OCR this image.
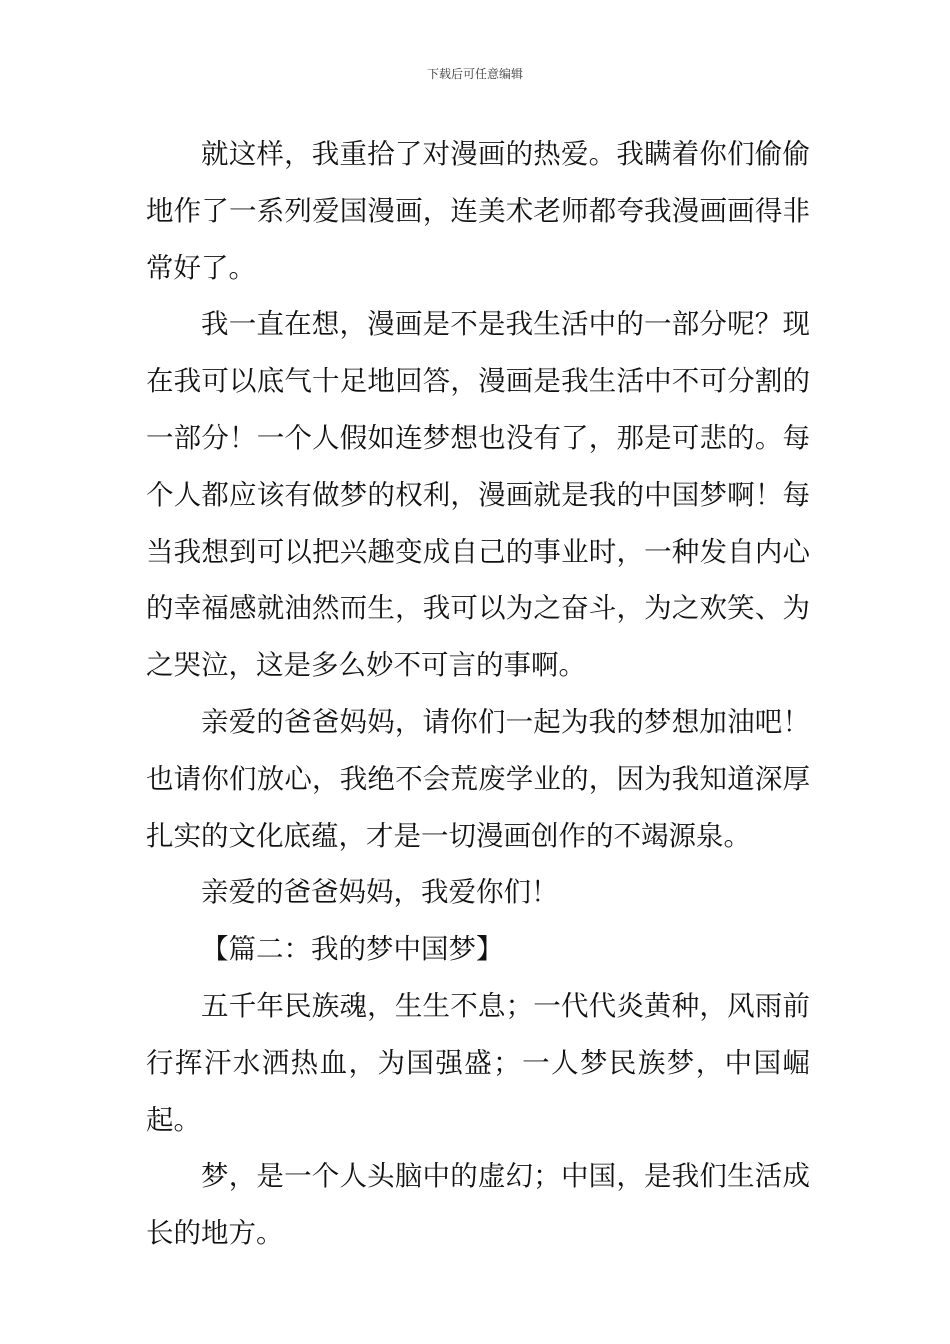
下载后可任意编辑

就这样，我重拾了对漫画的热爱。我瞒着你们偷偷地作了一系列爱国漫画，连美术老师都夸我漫画画得非常好了。

我一直在想，漫画是不是我生活中的一部分呢？现在我可以底气十足地回答，漫画是我生活中不可分割的一部分！一个人假如连梦想也没有了，那是可悲的。每个人都应该有做梦的权利，漫画就是我的中国梦啊！每当我想到可以把兴趣变成自己的事业时，一种发自内心的幸福感就油然而生，我可以为之奋斗，为之欢笑、为之哭泣，这是多么妙不可言的事啊。

亲爱的爸爸妈妈，请你们一起为我的梦想加油吧！也请你们放心，我绝不会荒废学业的，因为我知道深厚扎实的文化底蕴，才是一切漫画创作的不竭源泉。

亲爱的爸爸妈妈，我爱你们！

【篇二：我的梦中国梦】

五千年民族魂，生生不息；一代代炎黄种，风雨前行挥汗水洒热血，为国强盛；一人梦民族梦，中国崛起。

梦，是一个人头脑中的虚幻；中国，是我们生活成长的地方。
